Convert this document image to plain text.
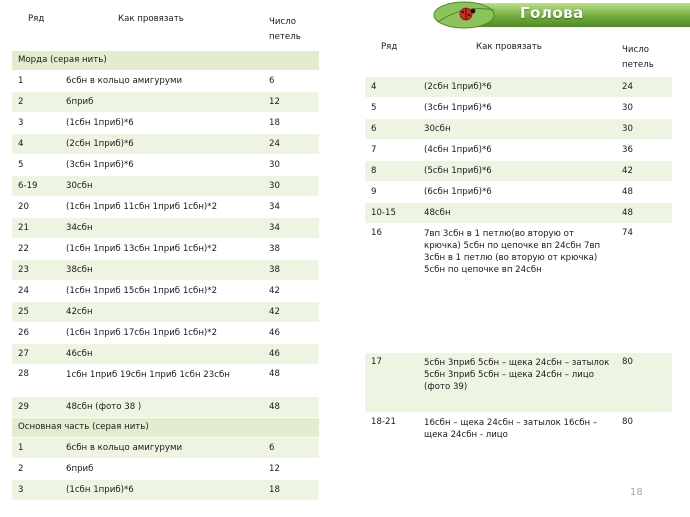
Голова
Ряд	Как провязать	Число петель
Морда (серая нить)		
1	6сбн в кольцо амигуруми	6
2	6приб	12
3	(1сбн 1приб)*6	18
4	(2сбн 1приб)*6	24
5	(3сбн 1приб)*6	30
6-19	30сбн	30
20	(1сбн 1приб 11сбн 1приб 1сбн)*2	34
21	34сбн	34
22	(1сбн 1приб 13сбн 1приб 1сбн)*2	38
23	38сбн	38
24	(1сбн 1приб 15сбн 1приб 1сбн)*2	42
25	42сбн	42
26	(1сбн 1приб 17сбн 1приб 1сбн)*2	46
27	46сбн	46
28	1сбн 1приб 19сбн 1приб 1сбн 23сбн	48
29	48сбн (фото 38 )	48
Основная часть (серая нить)		
1	6сбн в кольцо амигуруми	6
2	6приб	12
3	(1сбн 1приб)*6	18
Ряд	Как провязать	Число петель
4	(2сбн 1приб)*6	24
5	(3сбн 1приб)*6	30
6	30сбн	30
7	(4сбн 1приб)*6	36
8	(5сбн 1приб)*6	42
9	(6сбн 1приб)*6	48
10-15	48сбн	48
16	7вп 3сбн в 1 петлю(во вторую от крючка) 5сбн по цепочке вп 24сбн 7вп 3сбн в 1 петлю (во вторую от крючка) 5сбн по цепочке вп 24сбн	74
17	5сбн 3приб 5сбн – щека 24сбн – затылок 5сбн 3приб 5сбн – щека 24сбн – лицо (фото 39)	80
18-21	16сбн – щека 24сбн – затылок 16сбн – щека 24сбн - лицо	80
18
